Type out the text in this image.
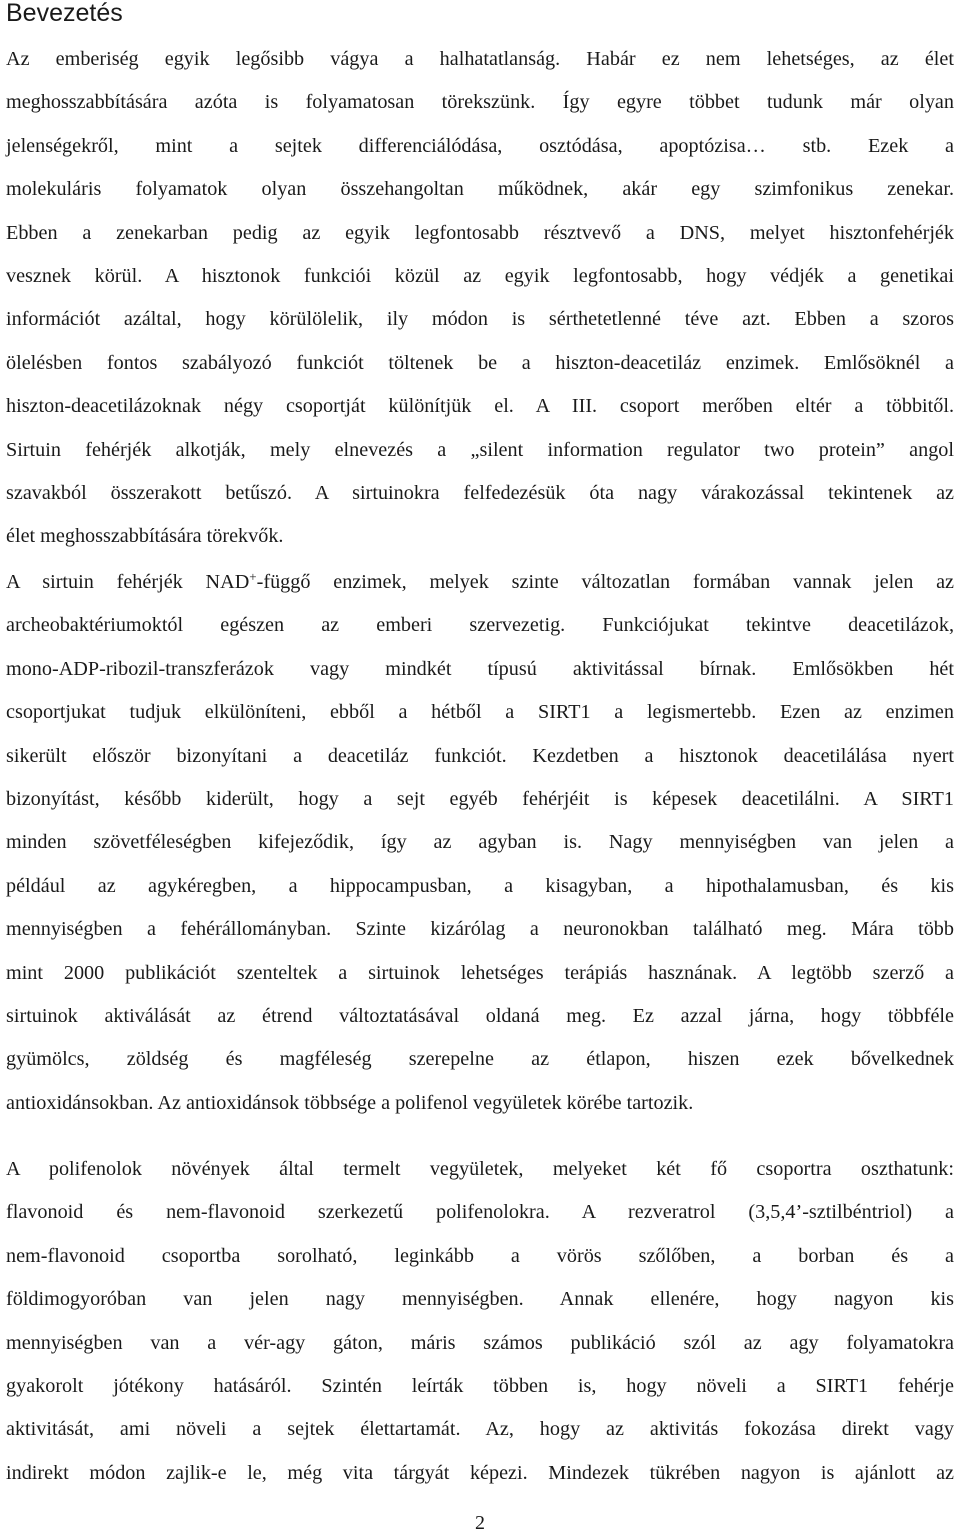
Bevezetés
Az emberiség egyik legősibb vágya a halhatatlanság. Habár ez nem lehetséges, az élet
meghosszabbítására azóta is folyamatosan törekszünk. Így egyre többet tudunk már olyan
jelenségekről, mint a sejtek differenciálódása, osztódása, apoptózisa… stb. Ezek a
molekuláris folyamatok olyan összehangoltan működnek, akár egy szimfonikus zenekar.
Ebben a zenekarban pedig az egyik legfontosabb résztvevő a DNS, melyet hisztonfehérjék
vesznek körül. A hisztonok funkciói közül az egyik legfontosabb, hogy védjék a genetikai
információt azáltal, hogy körülölelik, ily módon is sérthetetlenné téve azt. Ebben a szoros
ölelésben fontos szabályozó funkciót töltenek be a hiszton-deacetiláz enzimek. Emlősöknél a
hiszton-deacetilázoknak négy csoportját különítjük el. A III. csoport merőben eltér a többitől.
Sirtuin fehérjék alkotják, mely elnevezés a „silent information regulator two protein” angol
szavakból összerakott betűszó. A sirtuinokra felfedezésük óta nagy várakozással tekintenek az
élet meghosszabbítására törekvők.
A sirtuin fehérjék NAD+-függő enzimek, melyek szinte változatlan formában vannak jelen az
archeobaktériumoktól egészen az emberi szervezetig. Funkciójukat tekintve deacetilázok,
mono-ADP-ribozil-transzferázok vagy mindkét típusú aktivitással bírnak. Emlősökben hét
csoportjukat tudjuk elkülöníteni, ebből a hétből a SIRT1 a legismertebb. Ezen az enzimen
sikerült először bizonyítani a deacetiláz funkciót. Kezdetben a hisztonok deacetilálása nyert
bizonyítást, később kiderült, hogy a sejt egyéb fehérjéit is képesek deacetilálni. A SIRT1
minden szövetféleségben kifejeződik, így az agyban is. Nagy mennyiségben van jelen a
például az agykéregben, a hippocampusban, a kisagyban, a hipothalamusban, és kis
mennyiségben a fehérállományban. Szinte kizárólag a neuronokban található meg. Mára több
mint 2000 publikációt szenteltek a sirtuinok lehetséges terápiás hasznának. A legtöbb szerző a
sirtuinok aktiválását az étrend változtatásával oldaná meg. Ez azzal járna, hogy többféle
gyümölcs, zöldség és magféleség szerepelne az étlapon, hiszen ezek bővelkednek
antioxidánsokban. Az antioxidánsok többsége a polifenol vegyületek körébe tartozik.
A polifenolok növények által termelt vegyületek, melyeket két fő csoportra oszthatunk:
flavonoid és nem-flavonoid szerkezetű polifenolokra. A rezveratrol (3,5,4’-sztilbéntriol) a
nem-flavonoid csoportba sorolható, leginkább a vörös szőlőben, a borban és a
földimogyoróban van jelen nagy mennyiségben. Annak ellenére, hogy nagyon kis
mennyiségben van a vér-agy gáton, máris számos publikáció szól az agy folyamatokra
gyakorolt jótékony hatásáról. Szintén leírták többen is, hogy növeli a SIRT1 fehérje
aktivitását, ami növeli a sejtek élettartamát. Az, hogy az aktivitás fokozása direkt vagy
indirekt módon zajlik-e le, még vita tárgyát képezi. Mindezek tükrében nagyon is ajánlott az
2
